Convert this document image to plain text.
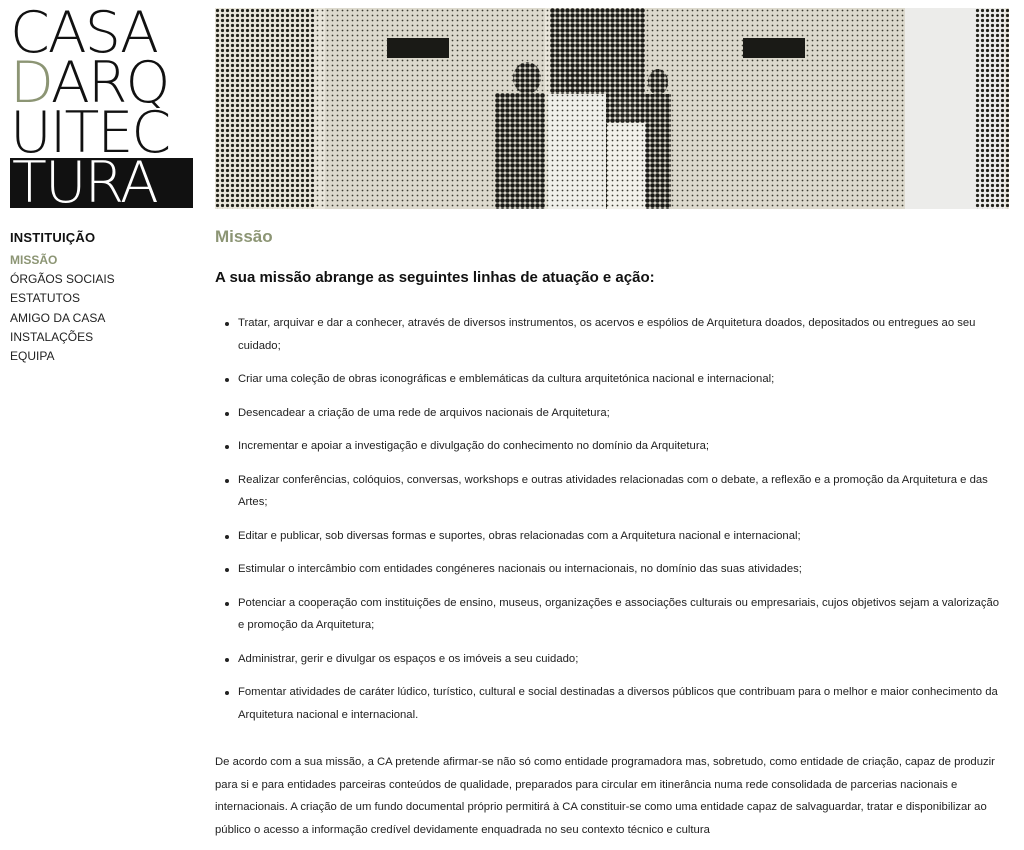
CASA
DARQ
UITEC
TURA
INSTITUIÇÃO
MISSÃO
ÓRGÃOS SOCIAIS
ESTATUTOS
AMIGO DA CASA
INSTALAÇÕES
EQUIPA
Missão
A sua missão abrange as seguintes linhas de atuação e ação:
Tratar, arquivar e dar a conhecer, através de diversos instrumentos, os acervos e espólios de Arquitetura doados, depositados ou entregues ao seu cuidado;
Criar uma coleção de obras iconográficas e emblemáticas da cultura arquitetónica nacional e internacional;
Desencadear a criação de uma rede de arquivos nacionais de Arquitetura;
Incrementar e apoiar a investigação e divulgação do conhecimento no domínio da Arquitetura;
Realizar conferências, colóquios, conversas, workshops e outras atividades relacionadas com o debate, a reflexão e a promoção da Arquitetura e das Artes;
Editar e publicar, sob diversas formas e suportes, obras relacionadas com a Arquitetura nacional e internacional;
Estimular o intercâmbio com entidades congéneres nacionais ou internacionais, no domínio das suas atividades;
Potenciar a cooperação com instituições de ensino, museus, organizações e associações culturais ou empresariais, cujos objetivos sejam a valorização e promoção da Arquitetura;
Administrar, gerir e divulgar os espaços e os imóveis a seu cuidado;
Fomentar atividades de caráter lúdico, turístico, cultural e social destinadas a diversos públicos que contribuam para o melhor e maior conhecimento da Arquitetura nacional e internacional.

De acordo com a sua missão, a CA pretende afirmar-se não só como entidade programadora mas, sobretudo, como entidade de criação, capaz de produzir para si e para entidades parceiras conteúdos de qualidade, preparados para circular em itinerância numa rede consolidada de parcerias nacionais e internacionais. A criação de um fundo documental próprio permitirá à CA constituir-se como uma entidade capaz de salvaguardar, tratar e disponibilizar ao público o acesso a informação credível devidamente enquadrada no seu contexto técnico e cultura
